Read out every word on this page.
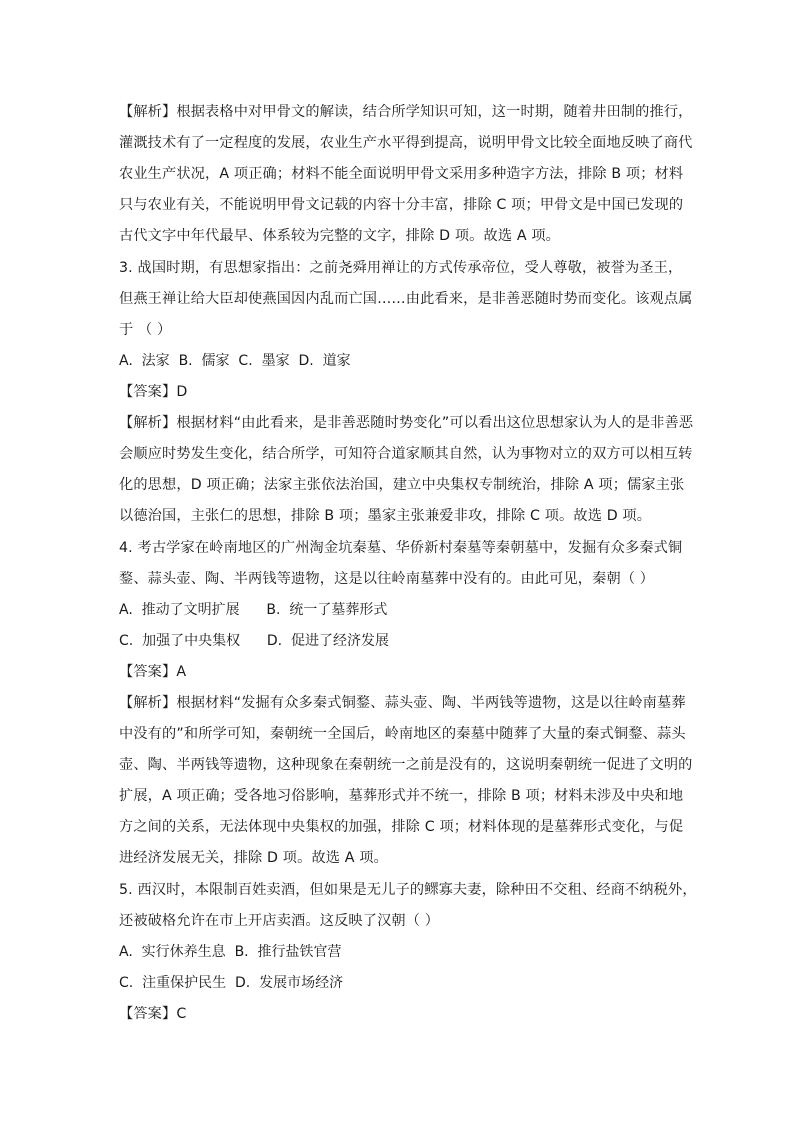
【解析】根据表格中对甲骨文的解读，结合所学知识可知，这一时期，随着井田制的推行，
灌溉技术有了一定程度的发展，农业生产水平得到提高，说明甲骨文比较全面地反映了商代
农业生产状况，A 项正确；材料不能全面说明甲骨文采用多种造字方法，排除 B 项；材料
只与农业有关，不能说明甲骨文记载的内容十分丰富，排除 C 项；甲骨文是中国已发现的
古代文字中年代最早、体系较为完整的文字，排除 D 项。故选 A 项。
3. 战国时期，有思想家指出：之前尧舜用禅让的方式传承帝位，受人尊敬，被誉为圣王，
但燕王禅让给大臣却使燕国因内乱而亡国……由此看来，是非善恶随时势而变化。该观点属
于 （ ）
A.  法家  B.  儒家  C.  墨家  D.  道家
【答案】D
【解析】根据材料“由此看来，是非善恶随时势变化”可以看出这位思想家认为人的是非善恶
会顺应时势发生变化，结合所学，可知符合道家顺其自然，认为事物对立的双方可以相互转
化的思想，D 项正确；法家主张依法治国，建立中央集权专制统治，排除 A 项；儒家主张
以德治国，主张仁的思想，排除 B 项；墨家主张兼爱非攻，排除 C 项。故选 D 项。
4. 考古学家在岭南地区的广州淘金坑秦墓、华侨新村秦墓等秦朝墓中，发掘有众多秦式铜
鍪、蒜头壶、陶、半两钱等遗物，这是以往岭南墓葬中没有的。由此可见，秦朝（ ）
A.  推动了文明扩展      B.  统一了墓葬形式
C.  加强了中央集权      D.  促进了经济发展
【答案】A
【解析】根据材料“发掘有众多秦式铜鍪、蒜头壶、陶、半两钱等遗物，这是以往岭南墓葬
中没有的”和所学可知，秦朝统一全国后，岭南地区的秦墓中随葬了大量的秦式铜鍪、蒜头
壶、陶、半两钱等遗物，这种现象在秦朝统一之前是没有的，这说明秦朝统一促进了文明的
扩展，A 项正确；受各地习俗影响，墓葬形式并不统一，排除 B 项；材料未涉及中央和地
方之间的关系，无法体现中央集权的加强，排除 C 项；材料体现的是墓葬形式变化，与促
进经济发展无关，排除 D 项。故选 A 项。
5. 西汉时，本限制百姓卖酒，但如果是无儿子的鳏寡夫妻，除种田不交租、经商不纳税外，
还被破格允许在市上开店卖酒。这反映了汉朝（ ）
A.  实行休养生息  B.  推行盐铁官营
C.  注重保护民生  D.  发展市场经济
【答案】C
